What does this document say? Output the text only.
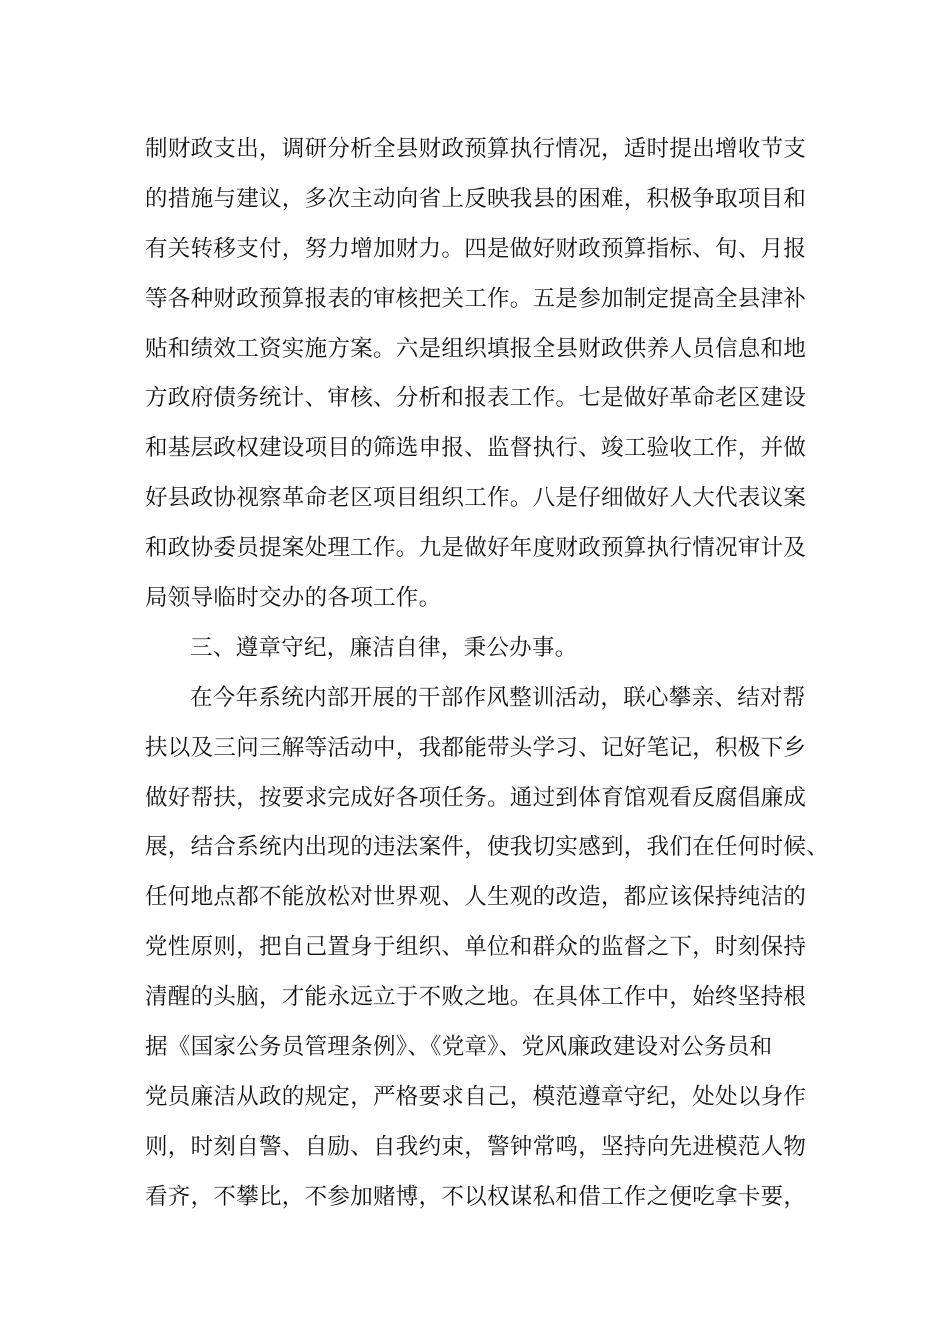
制财政支出，调研分析全县财政预算执行情况，适时提出增收节支
的措施与建议，多次主动向省上反映我县的困难，积极争取项目和
有关转移支付，努力增加财力。四是做好财政预算指标、旬、月报
等各种财政预算报表的审核把关工作。五是参加制定提高全县津补
贴和绩效工资实施方案。六是组织填报全县财政供养人员信息和地
方政府债务统计、审核、分析和报表工作。七是做好革命老区建设
和基层政权建设项目的筛选申报、监督执行、竣工验收工作，并做
好县政协视察革命老区项目组织工作。八是仔细做好人大代表议案
和政协委员提案处理工作。九是做好年度财政预算执行情况审计及
局领导临时交办的各项工作。
三、遵章守纪，廉洁自律，秉公办事。
在今年系统内部开展的干部作风整训活动，联心攀亲、结对帮
扶以及三问三解等活动中，我都能带头学习、记好笔记，积极下乡
做好帮扶，按要求完成好各项任务。通过到体育馆观看反腐倡廉成
展，结合系统内出现的违法案件，使我切实感到，我们在任何时候、
任何地点都不能放松对世界观、人生观的改造，都应该保持纯洁的
党性原则，把自己置身于组织、单位和群众的监督之下，时刻保持
清醒的头脑，才能永远立于不败之地。在具体工作中，始终坚持根
据《国家公务员管理条例》、《党章》、党风廉政建设对公务员和
党员廉洁从政的规定，严格要求自己，模范遵章守纪，处处以身作
则，时刻自警、自励、自我约束，警钟常鸣，坚持向先进模范人物
看齐，不攀比，不参加赌博，不以权谋私和借工作之便吃拿卡要，
